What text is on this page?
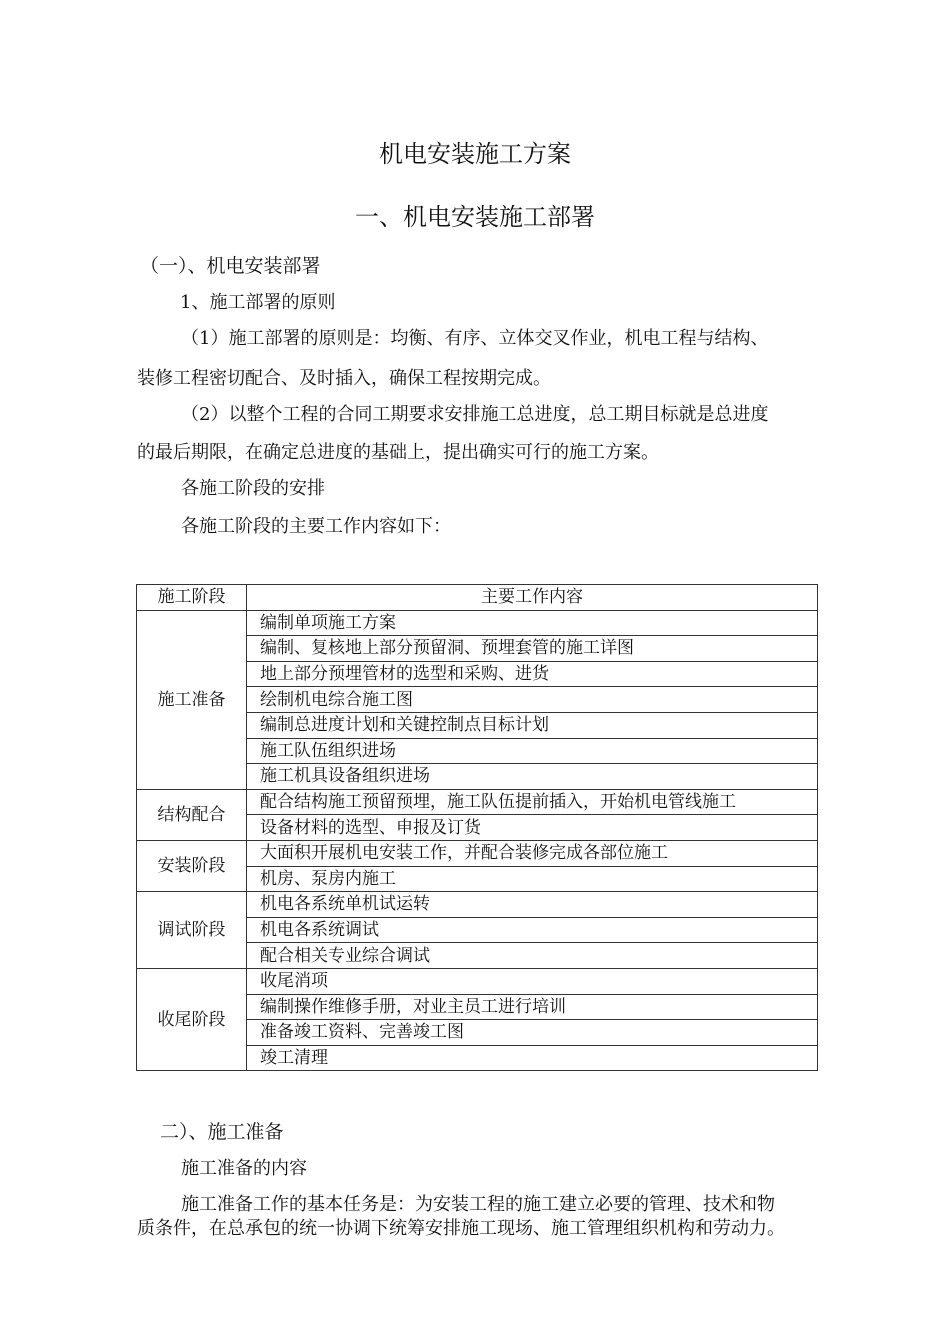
机电安装施工方案
一、机电安装施工部署
（一）、机电安装部署
1、施工部署的原则
（1）施工部署的原则是：均衡、有序、立体交叉作业，机电工程与结构、
装修工程密切配合、及时插入，确保工程按期完成。
（2）以整个工程的合同工期要求安排施工总进度，总工期目标就是总进度
的最后期限，在确定总进度的基础上，提出确实可行的施工方案。
各施工阶段的安排
各施工阶段的主要工作内容如下：
施工阶段	主要工作内容
施工准备	编制单项施工方案
	编制、复核地上部分预留洞、预埋套管的施工详图
	地上部分预埋管材的选型和采购、进货
	绘制机电综合施工图
	编制总进度计划和关键控制点目标计划
	施工队伍组织进场
	施工机具设备组织进场
结构配合	配合结构施工预留预埋，施工队伍提前插入，开始机电管线施工
	设备材料的选型、申报及订货
安装阶段	大面积开展机电安装工作，并配合装修完成各部位施工
	机房、泵房内施工
调试阶段	机电各系统单机试运转
	机电各系统调试
	配合相关专业综合调试
收尾阶段	收尾消项
	编制操作维修手册，对业主员工进行培训
	准备竣工资料、完善竣工图
	竣工清理
二）、施工准备
施工准备的内容
施工准备工作的基本任务是：为安装工程的施工建立必要的管理、技术和物
质条件，在总承包的统一协调下统筹安排施工现场、施工管理组织机构和劳动力。
